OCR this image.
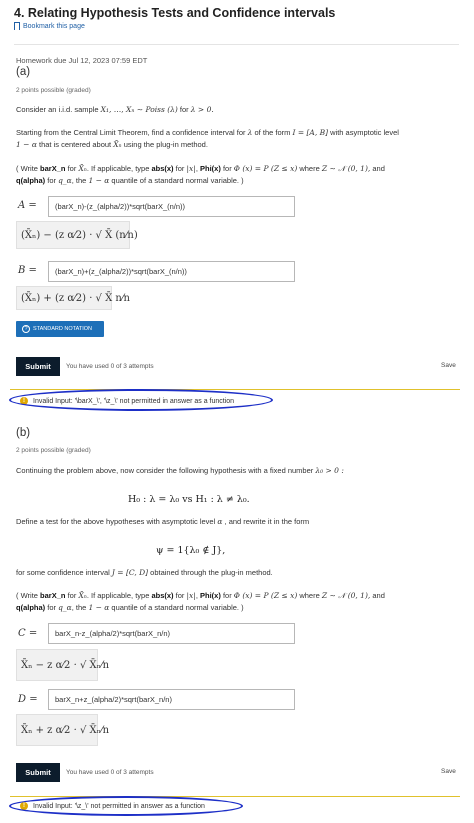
4. Relating Hypothesis Tests and Confidence intervals
Bookmark this page
Homework due Jul 12, 2023 07:59 EDT
(a)
2 points possible (graded)
Consider an i.i.d. sample X₁, …, Xₙ ∼ Poiss (λ) for λ > 0.
Starting from the Central Limit Theorem, find a confidence interval for λ of the form I = [A, B] with asymptotic level
1 − α that is centered about X̄ₙ using the plug-in method.
( Write barX_n for X̄ₙ. If applicable, type abs(x) for |x|, Phi(x) for Φ (x) = P (Z ≤ x) where Z ∼ 𝒩 (0, 1), and
q(alpha) for q_α, the 1 − α quantile of a standard normal variable. )
A =	(barX_n)-(z_(alpha/2))*sqrt(barX_(n/n))
(X̄ₙ) − (z α⁄2) · √ X̄ (n⁄n)
B =	(barX_n)+(z_(alpha/2))*sqrt(barX_(n/n))
(X̄ₙ) + (z α⁄2) · √ X̄ n⁄n
? STANDARD NOTATION
Submit	You have used 0 of 3 attempts	Save
!	Invalid Input: '\barX_\', '\z_\' not permitted in answer as a function
(b)
2 points possible (graded)
Continuing the problem above, now consider the following hypothesis with a fixed number λ₀ > 0 :
H₀ : λ = λ₀ vs H₁ : λ ≠ λ₀.
Define a test for the above hypotheses with asymptotic level α , and rewrite it in the form
ψ = 1{λ₀ ∉ J},
for some confidence interval J = [C, D] obtained through the plug-in method.
( Write barX_n for X̄ₙ. If applicable, type abs(x) for |x|, Phi(x) for Φ (x) = P (Z ≤ x) where Z ∼ 𝒩 (0, 1), and
q(alpha) for q_α, the 1 − α quantile of a standard normal variable. )
C =	barX_n-z_(alpha/2)*sqrt(barX_n/n)
X̄ₙ − z α⁄2 · √ X̄ₙ⁄n
D =	barX_n+z_(alpha/2)*sqrt(barX_n/n)
X̄ₙ + z α⁄2 · √ X̄ₙ⁄n
Submit	You have used 0 of 3 attempts	Save
!	Invalid Input: '\z_\' not permitted in answer as a function
